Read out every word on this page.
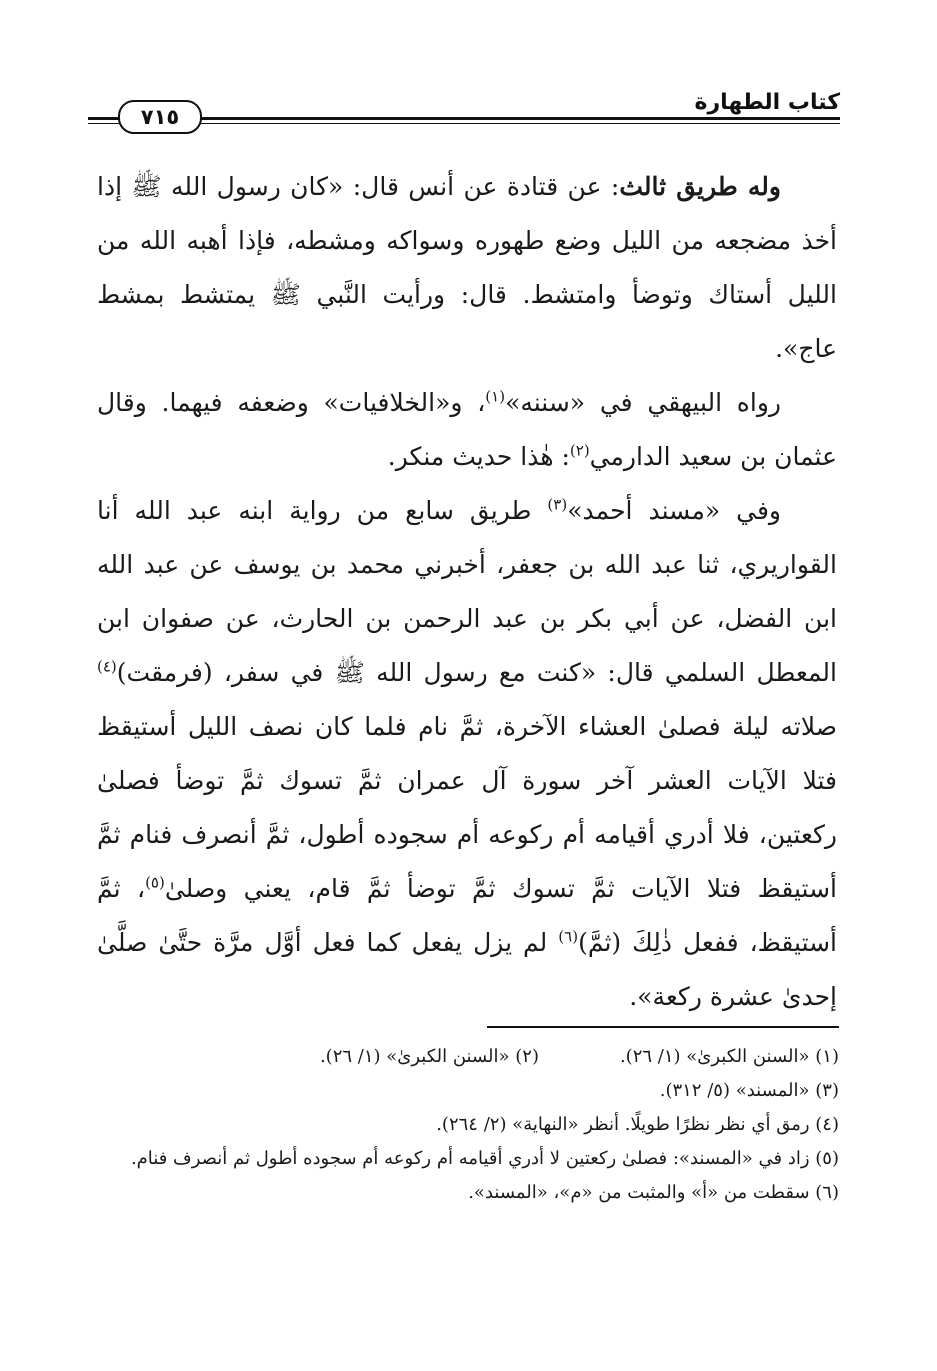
كتاب الطهارة
٧١٥

وله طريق ثالث: عن قتادة عن أنس قال: «كان رسول الله ﷺ إذا أخذ مضجعه من الليل وضع طهوره وسواكه ومشطه، فإذا أهبه الله من الليل أستاك وتوضأ وامتشط. قال: ورأيت النَّبي ﷺ يمتشط بمشط عاج».

رواه البيهقي في «سننه»$^{(١)}$، و«الخلافيات» وضعفه فيهما. وقال عثمان بن سعيد الدارمي$^{(٢)}$: هٰذا حديث منكر.

وفي «مسند أحمد»$^{(٣)}$ طريق سابع من رواية ابنه عبد الله أنا القواريري، ثنا عبد الله بن جعفر، أخبرني محمد بن يوسف عن عبد الله ابن الفضل، عن أبي بكر بن عبد الرحمن بن الحارث، عن صفوان ابن المعطل السلمي قال: «كنت مع رسول الله ﷺ في سفر، (فرمقت)$^{(٤)}$ صلاته ليلة فصلىٰ العشاء الآخرة، ثمَّ نام فلما كان نصف الليل أستيقظ فتلا الآيات العشر آخر سورة آل عمران ثمَّ تسوك ثمَّ توضأ فصلىٰ ركعتين، فلا أدري أقيامه أم ركوعه أم سجوده أطول، ثمَّ أنصرف فنام ثمَّ أستيقظ فتلا الآيات ثمَّ تسوك ثمَّ توضأ ثمَّ قام، يعني وصلىٰ$^{(٥)}$، ثمَّ أستيقظ، ففعل ذٰلِكَ (ثمَّ)$^{(٦)}$ لم يزل يفعل كما فعل أوَّل مرَّة حتَّىٰ صلَّىٰ إحدىٰ عشرة ركعة».

(١) «السنن الكبرىٰ» (١/ ٢٦).

(٢) «السنن الكبرىٰ» (١/ ٢٦).

(٣) «المسند» (٥/ ٣١٢).

(٤) رمق أي نظر نظرًا طويلًا. أنظر «النهاية» (٢/ ٢٦٤).

(٥) زاد في «المسند»: فصلىٰ ركعتين لا أدري أقيامه أم ركوعه أم سجوده أطول ثم أنصرف فنام.

(٦) سقطت من «أ» والمثبت من «م»، «المسند».
